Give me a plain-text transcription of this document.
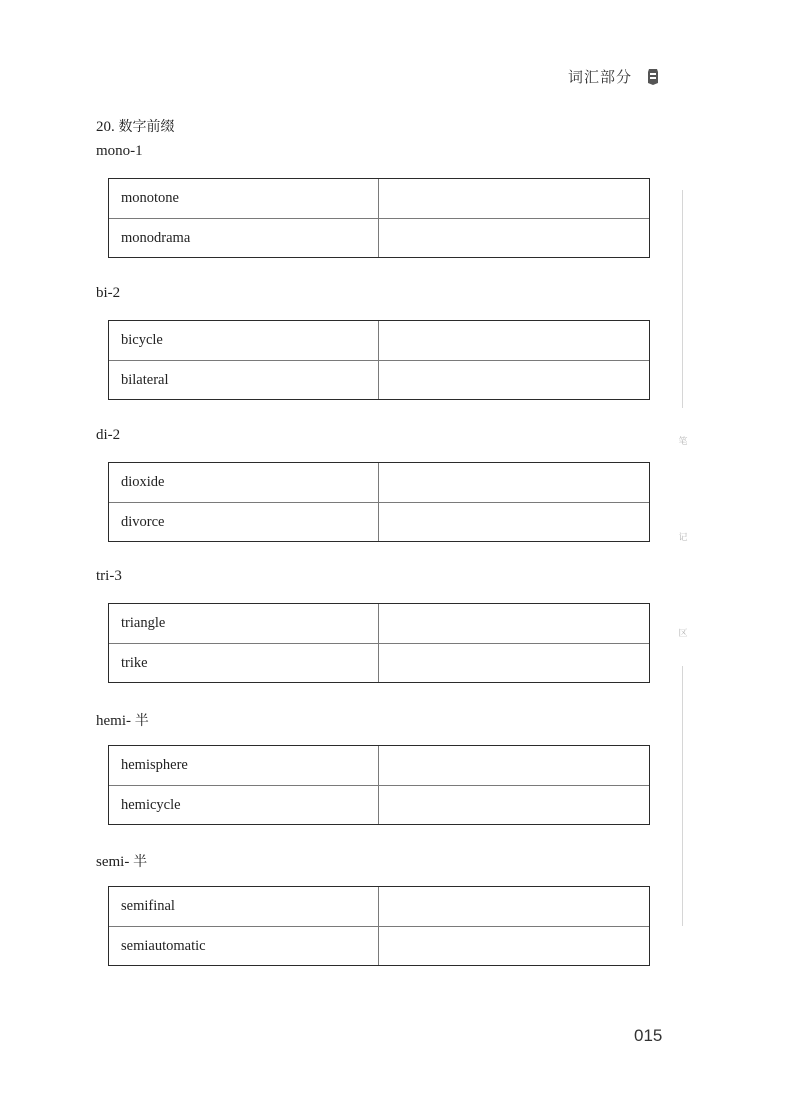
词汇部分
20. 数字前缀
mono-1
monotone
monodrama
bi-2
bicycle
bilateral
di-2
dioxide
divorce
tri-3
triangle
trike
hemi- 半
hemisphere
hemicycle
semi- 半
semifinal
semiautomatic
笔
记
区
015
